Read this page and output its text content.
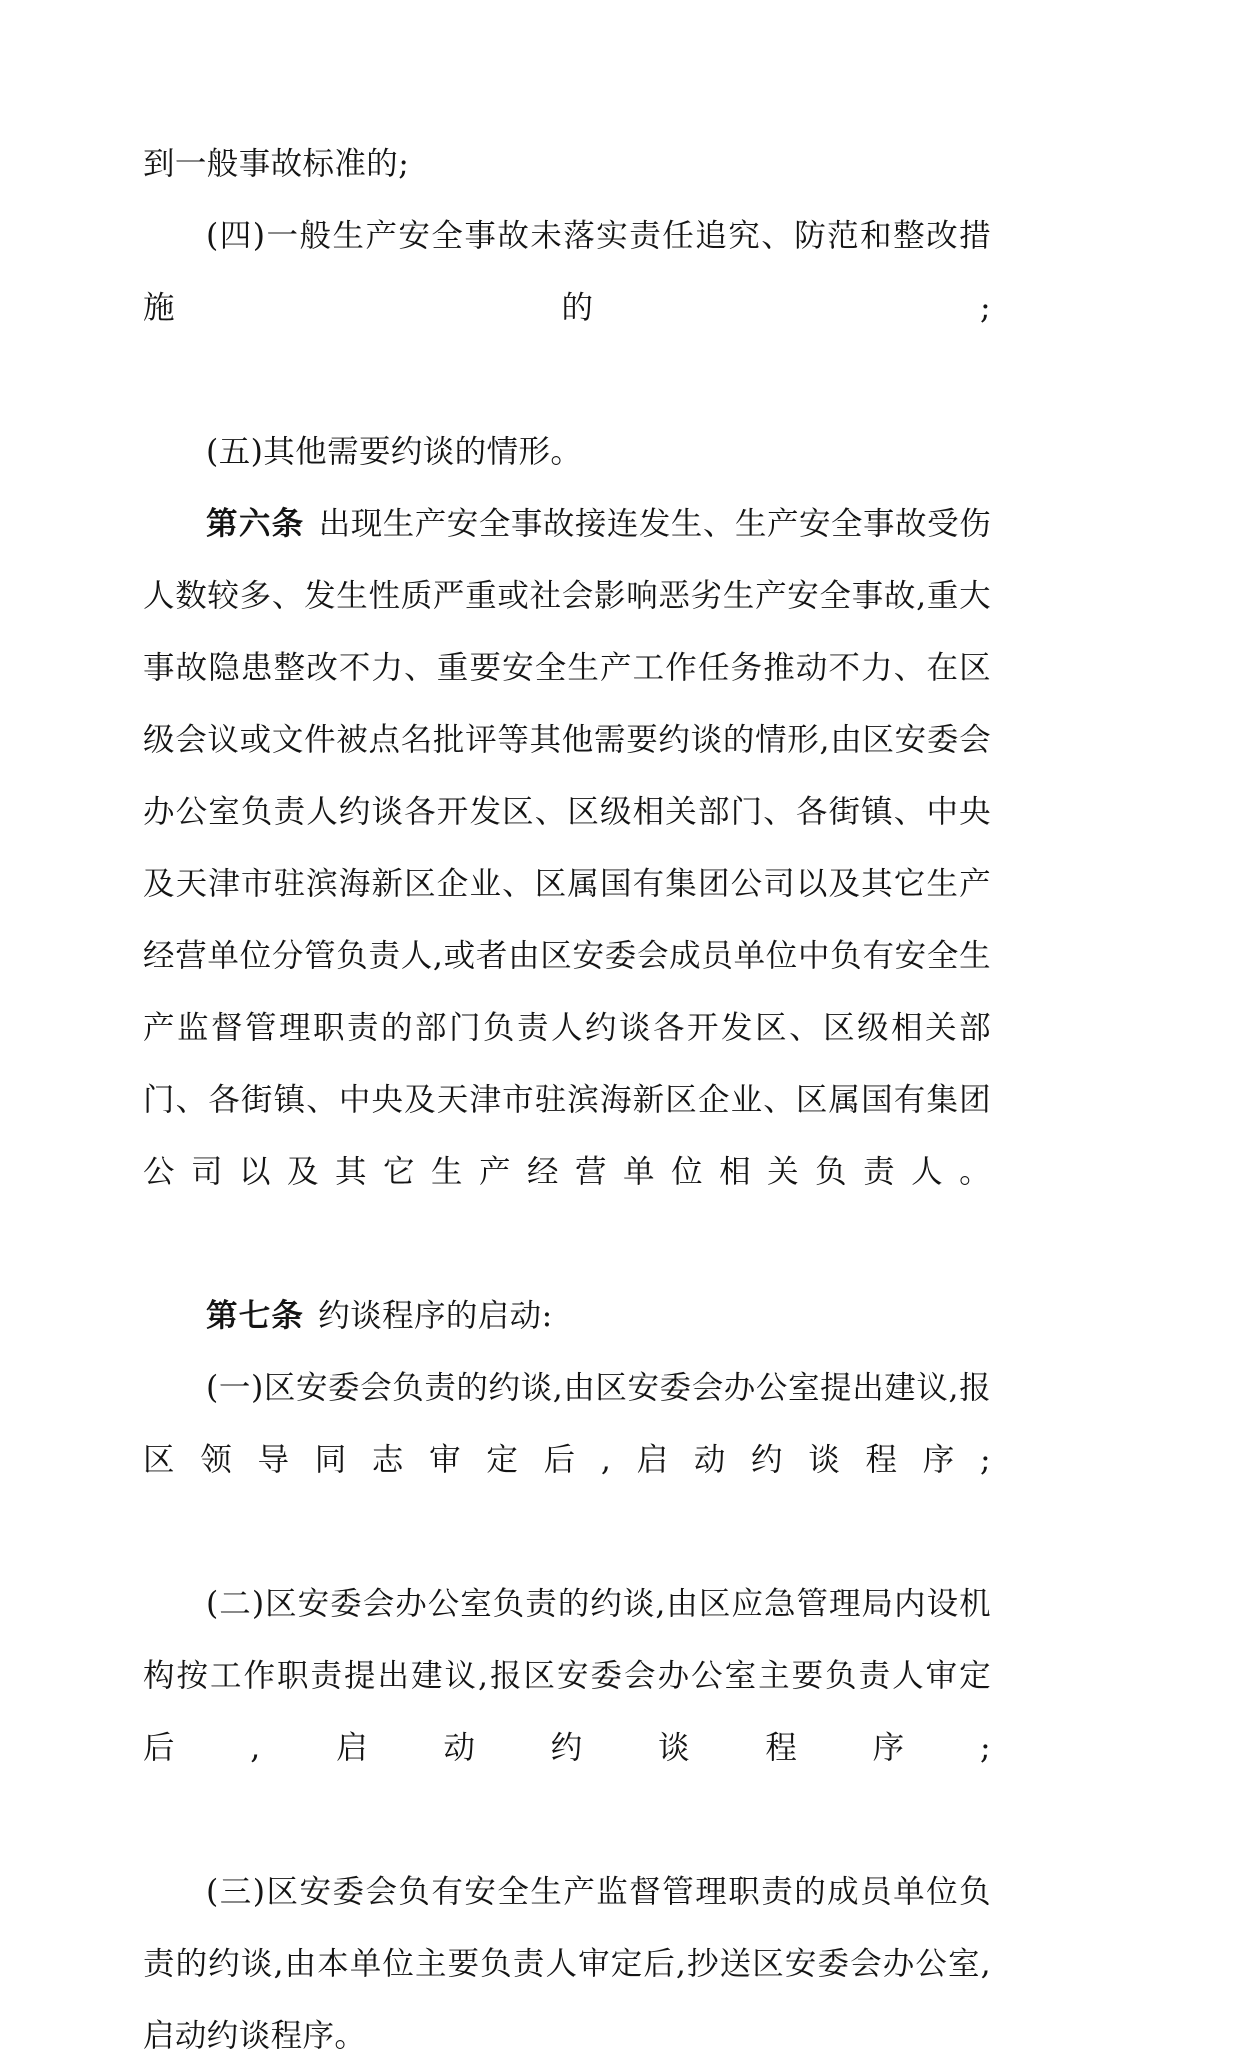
到一般事故标准的;

(四)一般生产安全事故未落实责任追究、防范和整改措施的;

(五)其他需要约谈的情形。

第六条 出现生产安全事故接连发生、生产安全事故受伤人数较多、发生性质严重或社会影响恶劣生产安全事故,重大事故隐患整改不力、重要安全生产工作任务推动不力、在区级会议或文件被点名批评等其他需要约谈的情形,由区安委会办公室负责人约谈各开发区、区级相关部门、各街镇、中央及天津市驻滨海新区企业、区属国有集团公司以及其它生产经营单位分管负责人,或者由区安委会成员单位中负有安全生产监督管理职责的部门负责人约谈各开发区、区级相关部门、各街镇、中央及天津市驻滨海新区企业、区属国有集团公司以及其它生产经营单位相关负责人。

第七条 约谈程序的启动:

(一)区安委会负责的约谈,由区安委会办公室提出建议,报区领导同志审定后,启动约谈程序;

(二)区安委会办公室负责的约谈,由区应急管理局内设机构按工作职责提出建议,报区安委会办公室主要负责人审定后,启动约谈程序;

(三)区安委会负有安全生产监督管理职责的成员单位负责的约谈,由本单位主要负责人审定后,抄送区安委会办公室,启动约谈程序。
